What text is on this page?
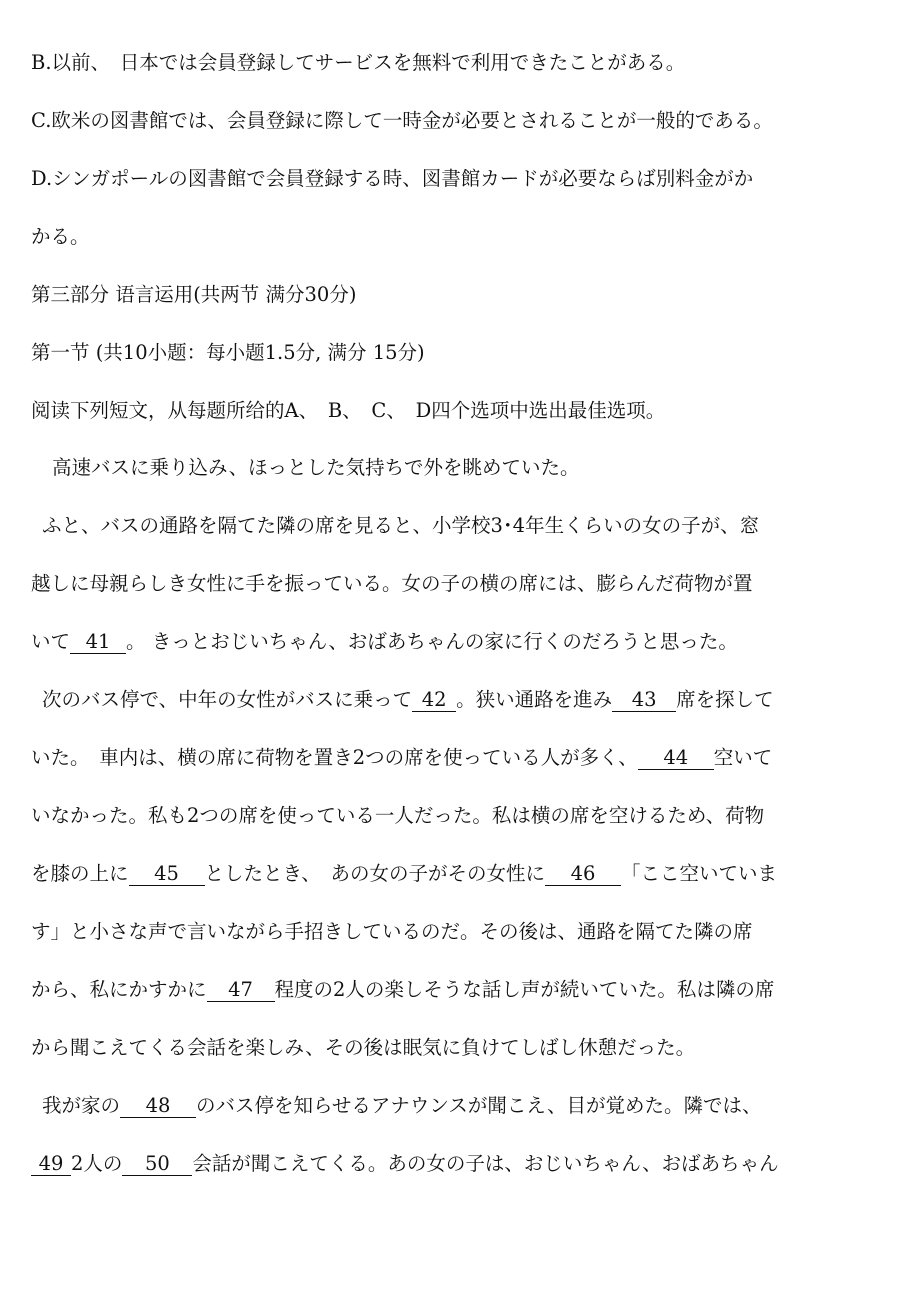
B.以前、　日本では会員登録してサービスを無料で利用できたことがある。
C.欧米の図書館では、会員登録に際して一時金が必要とされることが一般的である。
D.シンガポールの図書館で会員登録する時、図書館カードが必要ならば別料金がか
かる。
第三部分 语言运用(共两节 满分30分)
第一节 (共10小题：每小题1.5分, 满分 15分)
阅读下列短文，从每题所给的A、　B、　C、　D四个选项中选出最佳选项。
高速バスに乗り込み、ほっとした気持ちで外を眺めていた。
ふと、バスの通路を隔てた隣の席を見ると、小学校3･4年生くらいの女の子が、窓
越しに母親らしき女性に手を振っている。女の子の横の席には、膨らんだ荷物が置
いて 41 。 きっとおじいちゃん、おばあちゃんの家に行くのだろうと思った。
次のバス停で、中年の女性がバスに乗って 42 。狭い通路を進み 43 席を探して
いた。　車内は、横の席に荷物を置き2つの席を使っている人が多く、 44 空いて
いなかった。私も2つの席を使っている一人だった。私は横の席を空けるため、荷物
を膝の上に 45 としたとき、　あの女の子がその女性に 46 「ここ空いていま
す」と小さな声で言いながら手招きしているのだ。その後は、通路を隔てた隣の席
から、私にかすかに 47 程度の2人の楽しそうな話し声が続いていた。私は隣の席
から聞こえてくる会話を楽しみ、その後は眠気に負けてしばし休憩だった。
我が家の 48 のバス停を知らせるアナウンスが聞こえ、目が覚めた。隣では、
49 2人の 50 会話が聞こえてくる。あの女の子は、おじいちゃん、おばあちゃん
